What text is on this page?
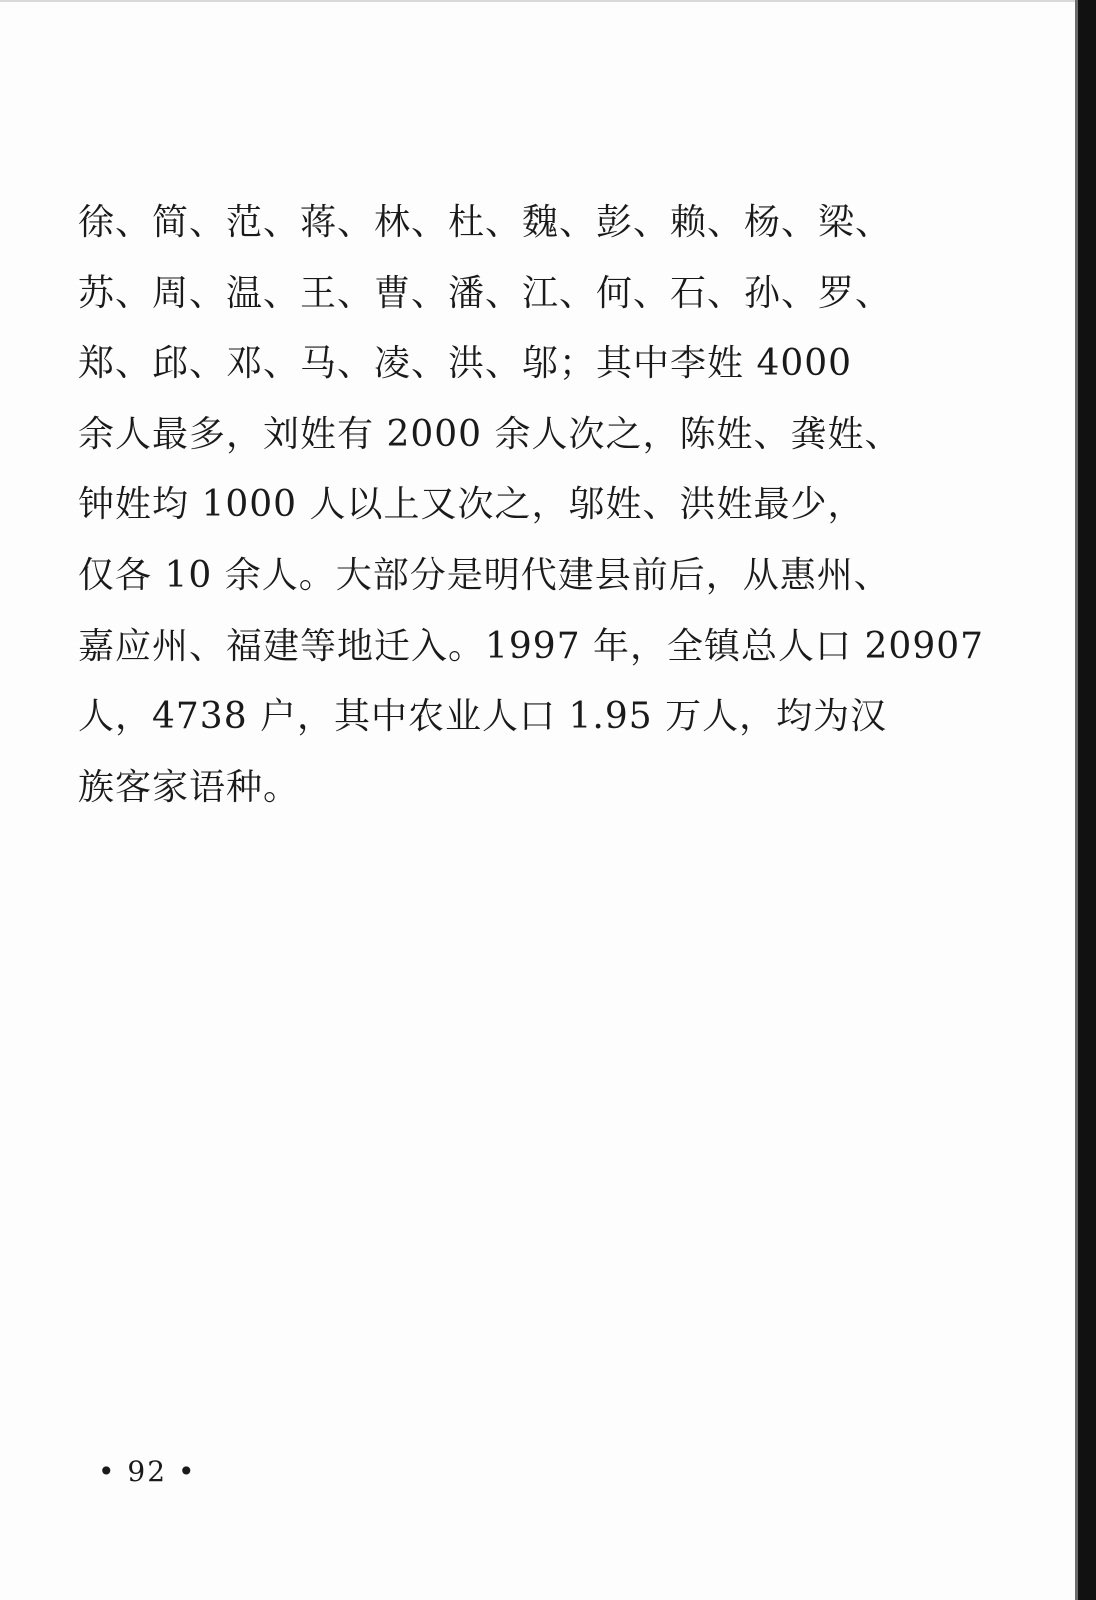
徐、简、范、蒋、林、杜、魏、彭、赖、杨、梁、
苏、周、温、王、曹、潘、江、何、石、孙、罗、
郑、邱、邓、马、凌、洪、邬；其中李姓 4000
余人最多，刘姓有 2000 余人次之，陈姓、龚姓、
钟姓均 1000 人以上又次之，邬姓、洪姓最少，
仅各 10 余人。大部分是明代建县前后，从惠州、
嘉应州、福建等地迁入。1997 年，全镇总人口 20907
人，4738 户，其中农业人口 1.95 万人，均为汉
族客家语种。
• 92 •
